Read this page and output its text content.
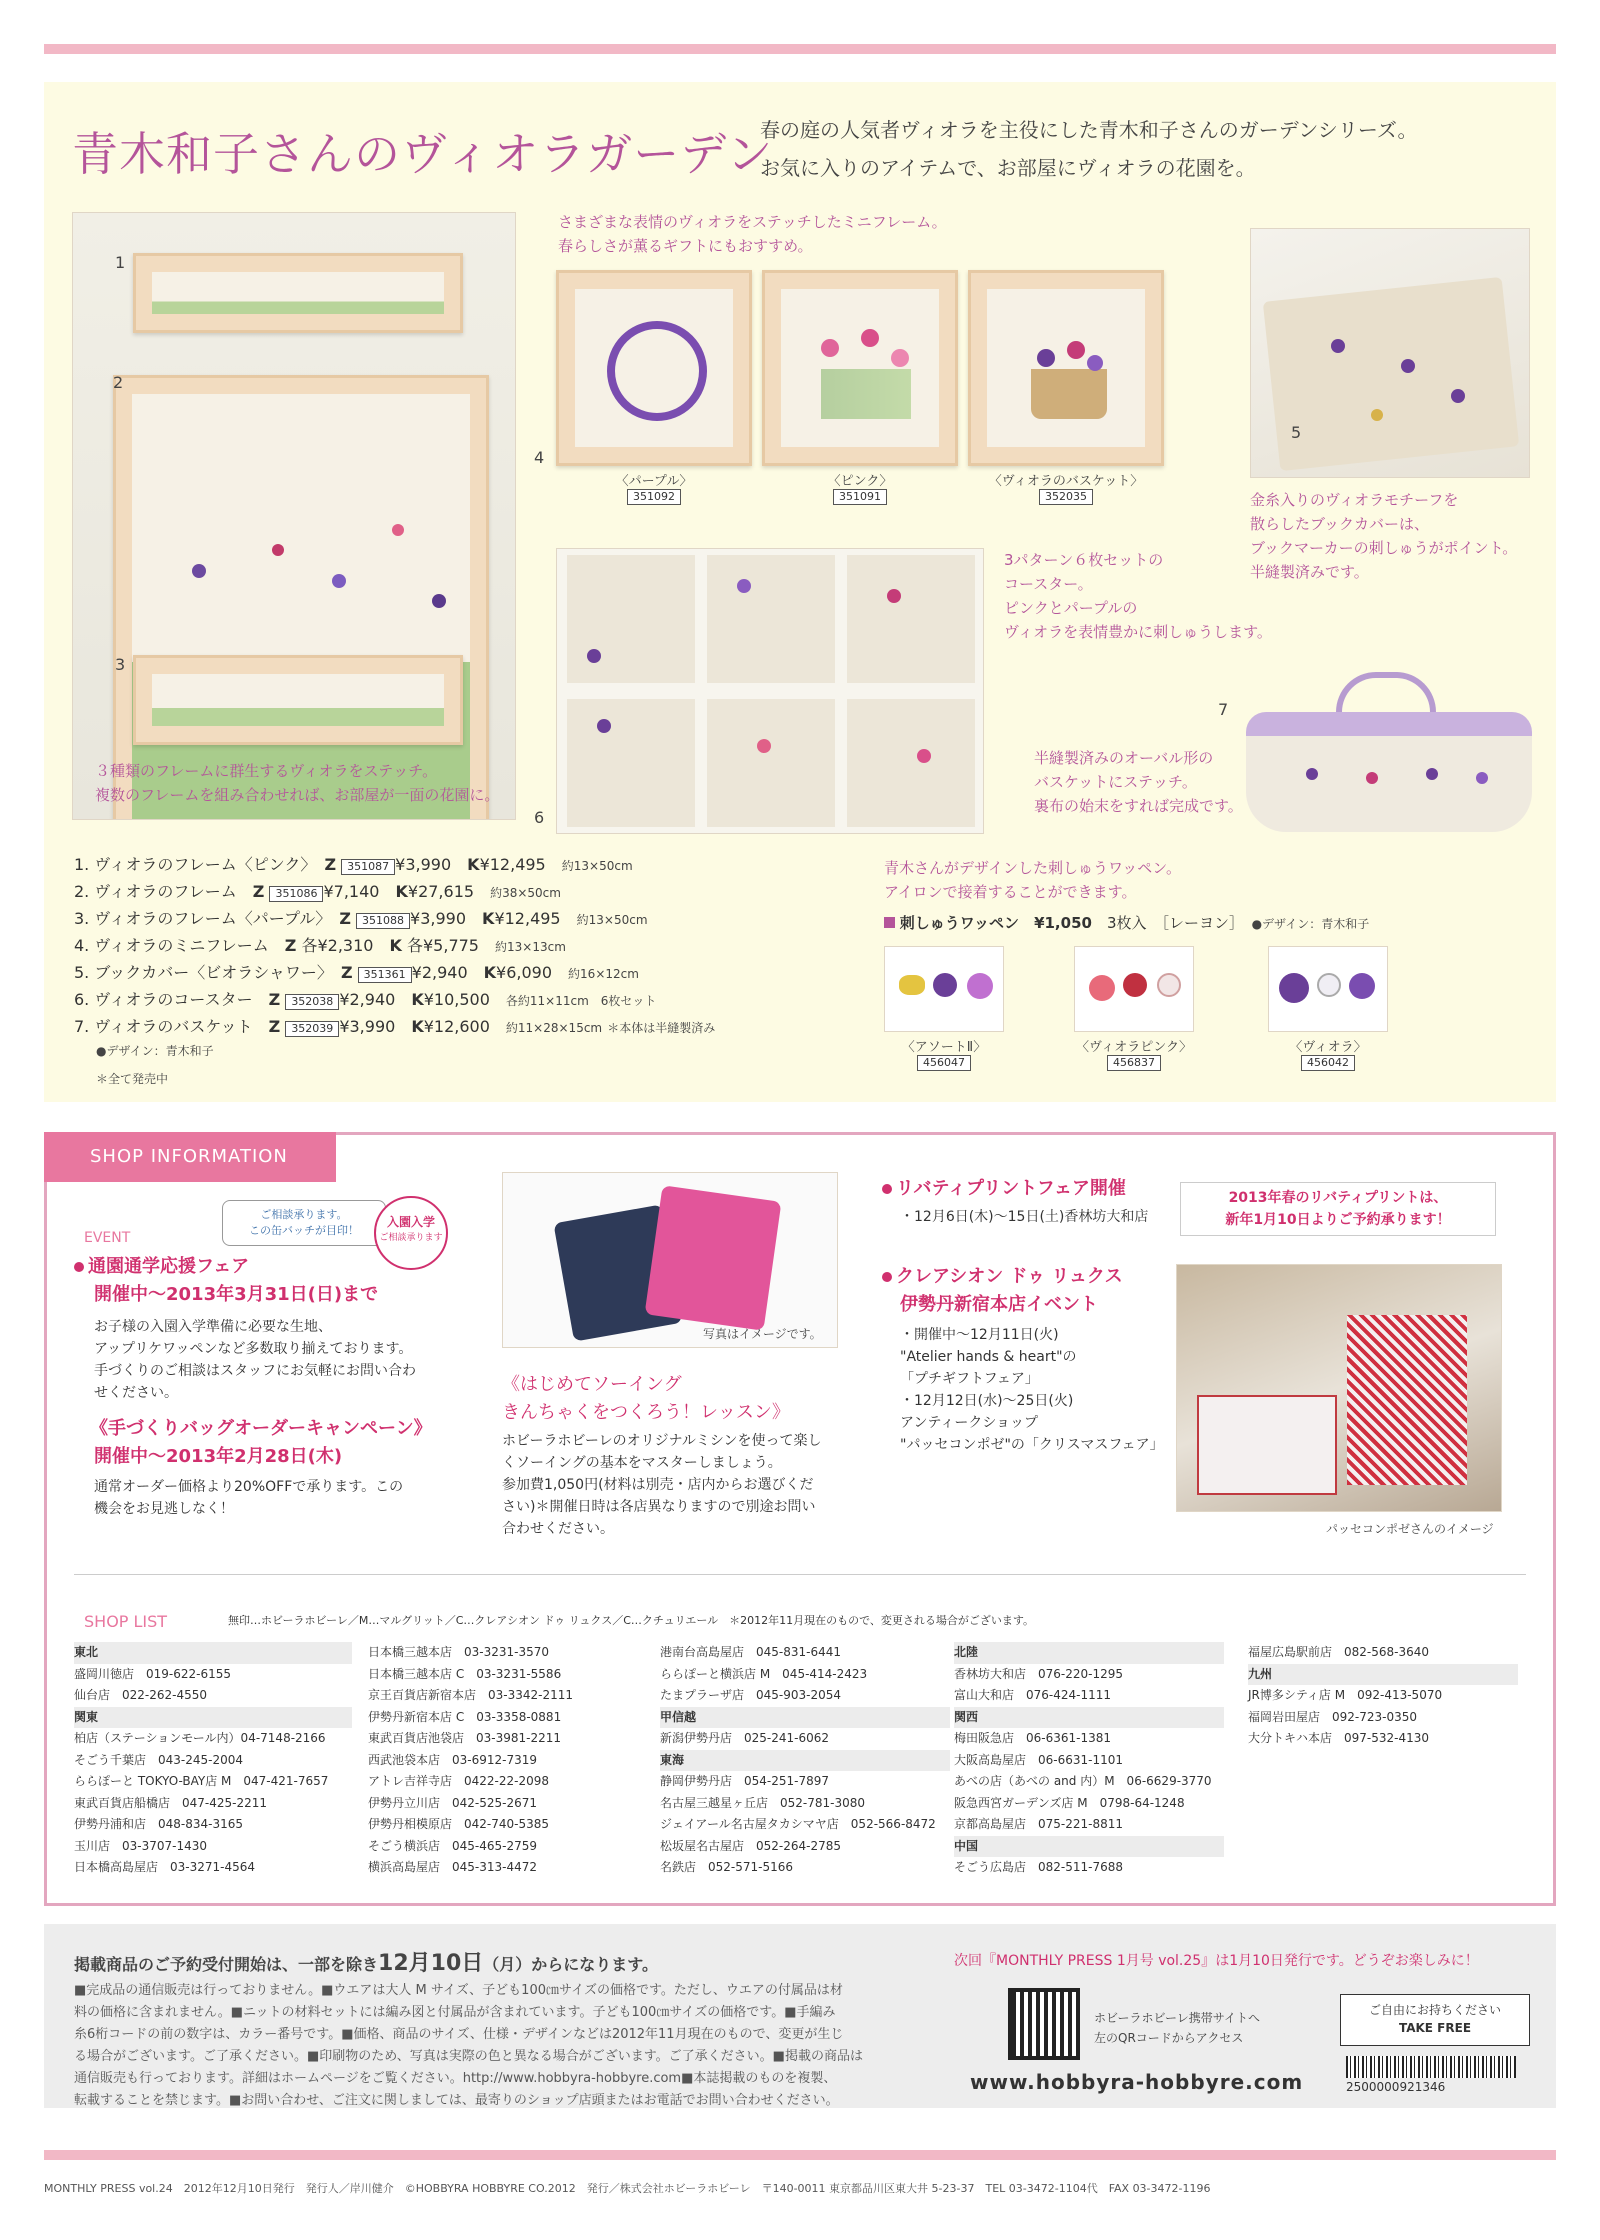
青木和子さんのヴィオラガーデン
春の庭の人気者ヴィオラを主役にした青木和子さんのガーデンシリーズ。
お気に入りのアイテムで、お部屋にヴィオラの花園を。
1
2
3
３種類のフレームに群生するヴィオラをステッチ。
複数のフレームを組み合わせれば、お部屋が一面の花園に。
さまざまな表情のヴィオラをステッチしたミニフレーム。
春らしさが薫るギフトにもおすすめ。
4
〈パープル〉
351092
〈ピンク〉
351091
〈ヴィオラのバスケット〉
352035
5
金糸入りのヴィオラモチーフを
散らしたブックカバーは、
ブックマーカーの刺しゅうがポイント。
半縫製済みです。
6
3パターン６枚セットの
コースター。
ピンクとパープルの
ヴィオラを表情豊かに刺しゅうします。
7
半縫製済みのオーバル形の
バスケットにステッチ。
裏布の始末をすれば完成です。
1. ヴィオラのフレーム〈ピンク〉　 Z 351087 ¥3,990　 K¥12,495　 約13×50cm
2. ヴィオラのフレーム　 Z 351086 ¥7,140　 K¥27,615　 約38×50cm
3. ヴィオラのフレーム〈パープル〉　 Z 351088 ¥3,990　 K¥12,495　 約13×50cm
4. ヴィオラのミニフレーム　 Z 各¥2,310　 K 各¥5,775　 約13×13cm
5. ブックカバー〈ビオラシャワー〉　 Z 351361 ¥2,940　 K¥6,090　 約16×12cm
6. ヴィオラのコースター　 Z 352038 ¥2,940　 K¥10,500　 各約11×11cm　6枚セット
7. ヴィオラのバスケット　 Z 352039 ¥3,990　 K¥12,600　 約11×28×15cm ＊本体は半縫製済み
●デザイン：青木和子
＊全て発売中
青木さんがデザインした刺しゅうワッペン。
アイロンで接着することができます。
刺しゅうワッペン　 ¥1,050　 3枚入　 ［レーヨン］　 ●デザイン：青木和子
〈アソートⅡ〉
456047
〈ヴィオラピンク〉
456837
〈ヴィオラ〉
456042
SHOP INFORMATION
EVENT
ご相談承ります。
この缶バッチが目印！
入園入学
ご相談承ります
通園通学応援フェア
開催中～2013年3月31日(日)まで
お子様の入園入学準備に必要な生地、
アップリケワッペンなど多数取り揃えております。
手づくりのご相談はスタッフにお気軽にお問い合わ
せください。
《手づくりバッグオーダーキャンペーン》
開催中～2013年2月28日(木)
通常オーダー価格より20%OFFで承ります。この
機会をお見逃しなく！
写真はイメージです。
《はじめてソーイング
きんちゃくをつくろう！レッスン》
ホビーラホビーレのオリジナルミシンを使って楽し
くソーイングの基本をマスターしましょう。
参加費1,050円(材料は別売・店内からお選びくだ
さい)＊開催日時は各店異なりますので別途お問い
合わせください。
リバティプリントフェア開催
・12月6日(木)～15日(土)香林坊大和店
2013年春のリバティプリントは、
新年1月10日よりご予約承ります！
クレアシオン ドゥ リュクス
伊勢丹新宿本店イベント
・開催中～12月11日(火)
"Atelier hands & heart"の
「プチギフトフェア」
・12月12日(水)～25日(火)
アンティークショップ
"パッセコンポゼ"の「クリスマスフェア」
パッセコンポゼさんのイメージ
SHOP LIST	無印…ホビーラホビーレ／M…マルグリット／C…クレアシオン ドゥ リュクス／C…クチュリエール　＊2012年11月現在のもので、変更される場合がございます。
東北
盛岡川徳店　019-622-6155
仙台店　022-262-4550
関東
柏店（ステーションモール内）04-7148-2166
そごう千葉店　043-245-2004
ららぽーと TOKYO-BAY店 M　047-421-7657
東武百貨店船橋店　047-425-2211
伊勢丹浦和店　048-834-3165
玉川店　03-3707-1430
日本橋高島屋店　03-3271-4564
日本橋三越本店　03-3231-3570
日本橋三越本店 C　03-3231-5586
京王百貨店新宿本店　03-3342-2111
伊勢丹新宿本店 C　03-3358-0881
東武百貨店池袋店　03-3981-2211
西武池袋本店　03-6912-7319
アトレ吉祥寺店　0422-22-2098
伊勢丹立川店　042-525-2671
伊勢丹相模原店　042-740-5385
そごう横浜店　045-465-2759
横浜高島屋店　045-313-4472
港南台高島屋店　045-831-6441
ららぽーと横浜店 M　045-414-2423
たまプラーザ店　045-903-2054
甲信越
新潟伊勢丹店　025-241-6062
東海
静岡伊勢丹店　054-251-7897
名古屋三越星ヶ丘店　052-781-3080
ジェイアール名古屋タカシマヤ店　052-566-8472
松坂屋名古屋店　052-264-2785
名鉄店　052-571-5166
北陸
香林坊大和店　076-220-1295
富山大和店　076-424-1111
関西
梅田阪急店　06-6361-1381
大阪高島屋店　06-6631-1101
あべの店（あべの and 内）M　06-6629-3770
阪急西宮ガーデンズ店 M　0798-64-1248
京都高島屋店　075-221-8811
中国
そごう広島店　082-511-7688
福屋広島駅前店　082-568-3640
九州
JR博多シティ店 M　092-413-5070
福岡岩田屋店　092-723-0350
大分トキハ本店　097-532-4130
掲載商品のご予約受付開始は、一部を除き12月10日（月）からになります。	次回『MONTHLY PRESS 1月号 vol.25』は1月10日発行です。どうぞお楽しみに！
■完成品の通信販売は行っておりません。■ウエアは大人 M サイズ、子ども100㎝サイズの価格です。ただし、ウエアの付属品は材
料の価格に含まれません。■ニットの材料セットには編み図と付属品が含まれています。子ども100㎝サイズの価格です。■手編み
糸6桁コードの前の数字は、カラー番号です。■価格、商品のサイズ、仕様・デザインなどは2012年11月現在のもので、変更が生じ
る場合がございます。ご了承ください。■印刷物のため、写真は実際の色と異なる場合がございます。ご了承ください。■掲載の商品は
通信販売も行っております。詳細はホームページをご覧ください。http://www.hobbyra-hobbyre.com■本誌掲載のものを複製、
転載することを禁じます。■お問い合わせ、ご注文に関しましては、最寄りのショップ店頭またはお電話でお問い合わせください。
ホビーラホビーレ携帯サイトへ
左のQRコードからアクセス
www.hobbyra-hobbyre.com
ご自由にお持ちください
TAKE FREE
2500000921346
MONTHLY PRESS vol.24　2012年12月10日発行　発行人／岸川健介　©HOBBYRA HOBBYRE CO.2012　発行／株式会社ホビーラホビーレ　〒140-0011 東京都品川区東大井 5-23-37　TEL 03-3472-1104代　FAX 03-3472-1196
